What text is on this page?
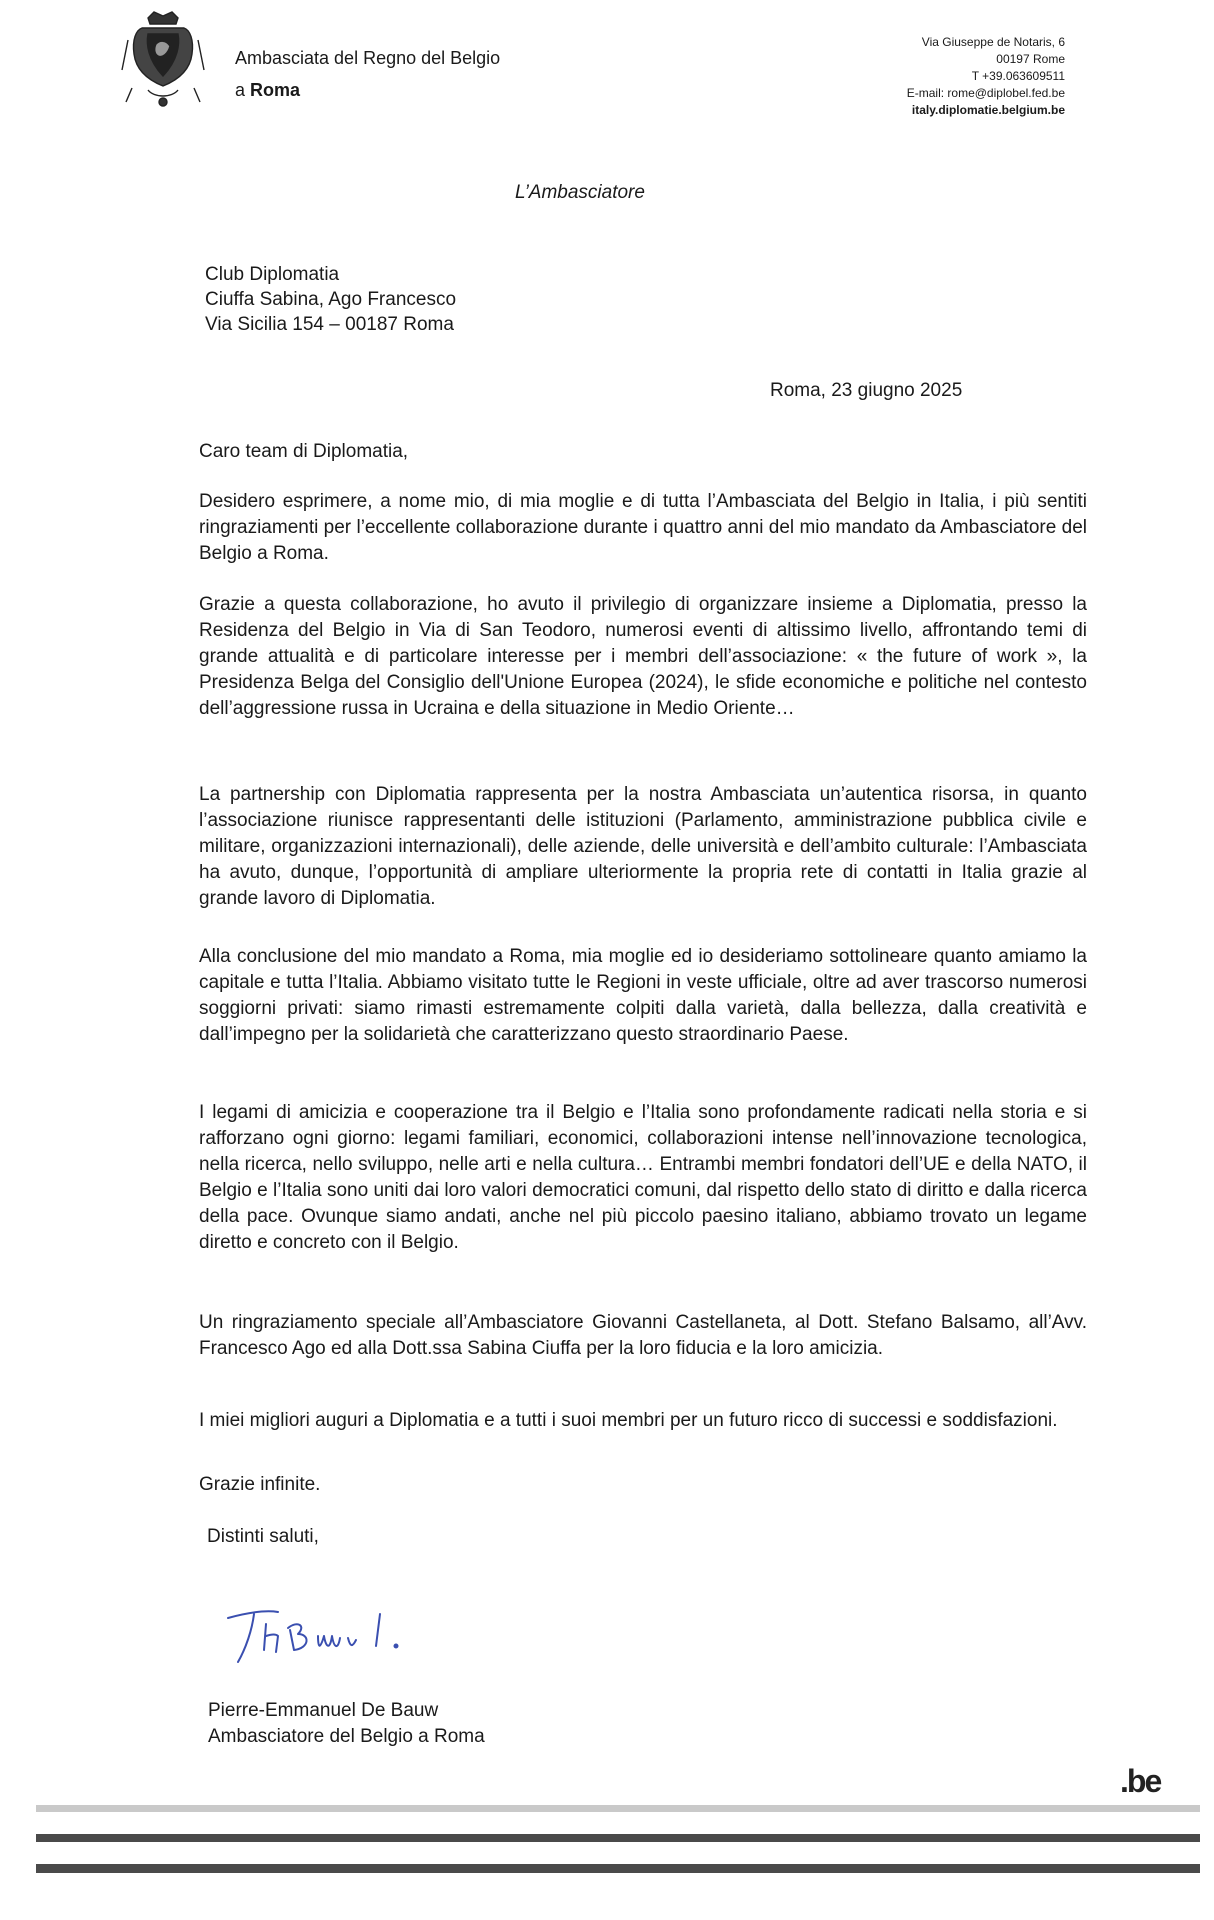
Ambasciata del Regno del Belgio
a Roma
Via Giuseppe de Notaris, 6
00197 Rome
T +39.063609511
E-mail: rome@diplobel.fed.be
italy.diplomatie.belgium.be
L’Ambasciatore
Club Diplomatia
Ciuffa Sabina, Ago Francesco
Via Sicilia 154 – 00187 Roma
Roma, 23 giugno 2025
Caro team di Diplomatia,

Desidero esprimere, a nome mio, di mia moglie e di tutta l’Ambasciata del Belgio in Italia, i più sentiti ringraziamenti per l’eccellente collaborazione durante i quattro anni del mio mandato da Ambasciatore del Belgio a Roma.

Grazie a questa collaborazione, ho avuto il privilegio di organizzare insieme a Diplomatia, presso la Residenza del Belgio in Via di San Teodoro, numerosi eventi di altissimo livello, affrontando temi di grande attualità e di particolare interesse per i membri dell’associazione: « the future of work », la Presidenza Belga del Consiglio dell'Unione Europea (2024), le sfide economiche e politiche nel contesto dell’aggressione russa in Ucraina e della situazione in Medio Oriente…

La partnership con Diplomatia rappresenta per la nostra Ambasciata un’autentica risorsa, in quanto l’associazione riunisce rappresentanti delle istituzioni (Parlamento, amministrazione pubblica civile e militare, organizzazioni internazionali), delle aziende, delle università e dell’ambito culturale: l’Ambasciata ha avuto, dunque, l’opportunità di ampliare ulteriormente la propria rete di contatti in Italia grazie al grande lavoro di Diplomatia.

Alla conclusione del mio mandato a Roma, mia moglie ed io desideriamo sottolineare quanto amiamo la capitale e tutta l’Italia. Abbiamo visitato tutte le Regioni in veste ufficiale, oltre ad aver trascorso numerosi soggiorni privati: siamo rimasti estremamente colpiti dalla varietà, dalla bellezza, dalla creatività e dall’impegno per la solidarietà che caratterizzano questo straordinario Paese.

I legami di amicizia e cooperazione tra il Belgio e l’Italia sono profondamente radicati nella storia e si rafforzano ogni giorno: legami familiari, economici, collaborazioni intense nell’innovazione tecnologica, nella ricerca, nello sviluppo, nelle arti e nella cultura… Entrambi membri fondatori dell’UE e della NATO, il Belgio e l’Italia sono uniti dai loro valori democratici comuni, dal rispetto dello stato di diritto e dalla ricerca della pace. Ovunque siamo andati, anche nel più piccolo paesino italiano, abbiamo trovato un legame diretto e concreto con il Belgio.

Un ringraziamento speciale all’Ambasciatore Giovanni Castellaneta, al Dott. Stefano Balsamo, all’Avv. Francesco Ago ed alla Dott.ssa Sabina Ciuffa per la loro fiducia e la loro amicizia.

I miei migliori auguri a Diplomatia e a tutti i suoi membri per un futuro ricco di successi e soddisfazioni.

Grazie infinite.
Distinti saluti,
Pierre-Emmanuel De Bauw
Ambasciatore del Belgio a Roma
.be
